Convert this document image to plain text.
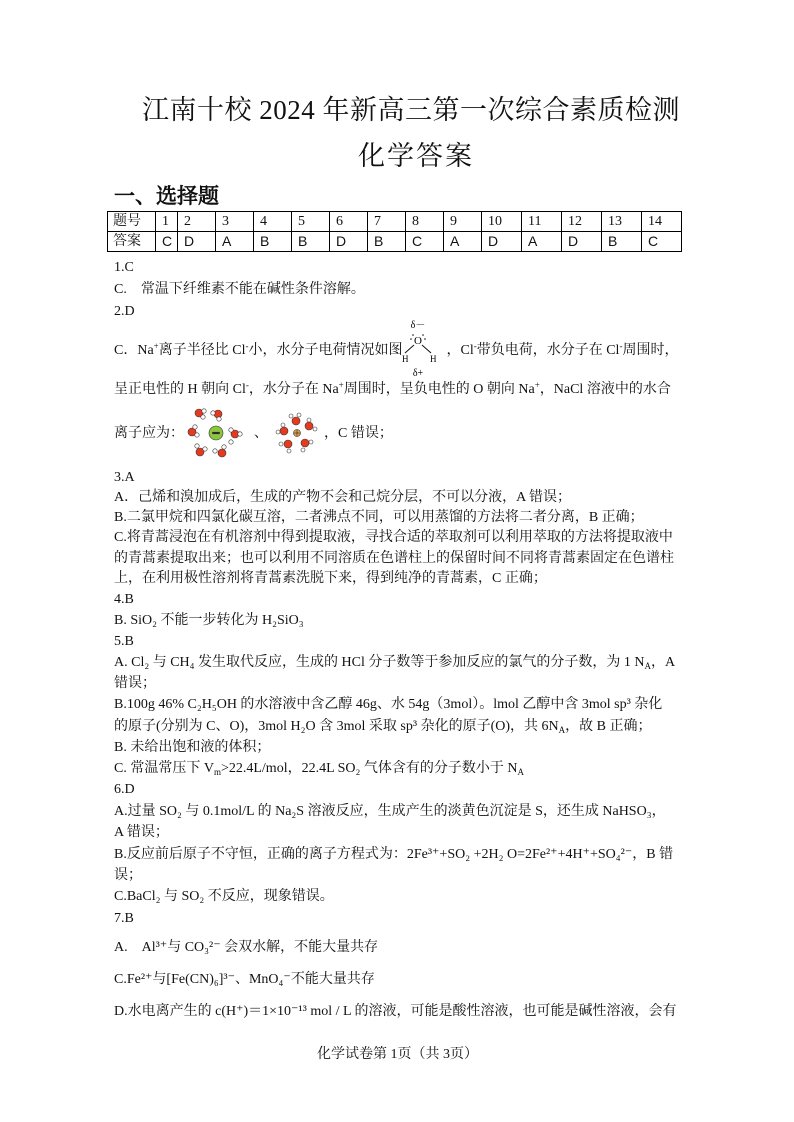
江南十校 2024 年新高三第一次综合素质检测
化学答案
一、选择题
题号	1	2	3	4	5	6	7	8	9	10	11	12	13	14
答案	C	D	A	B	B	D	B	C	A	D	A	D	B	C
1.C
C.　常温下纤维素不能在碱性条件溶解。
2.D
C．Na+离子半径比 Cl-小，水分子电荷情况如图	，Cl-带负电荷，水分子在 Cl-周围时，
δ－
O
H H
δ+
呈正电性的 H 朝向 Cl-，水分子在 Na+周围时，呈负电性的 O 朝向 Na+，NaCl 溶液中的水合
离子应为：	、	，C 错误；
3.A
A．己烯和溴加成后，生成的产物不会和己烷分层，不可以分液，A 错误；
B.二氯甲烷和四氯化碳互溶，二者沸点不同，可以用蒸馏的方法将二者分离，B 正确；
C.将青蒿浸泡在有机溶剂中得到提取液，寻找合适的萃取剂可以利用萃取的方法将提取液中
的青蒿素提取出来；也可以利用不同溶质在色谱柱上的保留时间不同将青蒿素固定在色谱柱
上，在利用极性溶剂将青蒿素洗脱下来，得到纯净的青蒿素，C 正确；
4.B
B. SiO₂ 不能一步转化为 H₂SiO₃
5.B
A. Cl₂ 与 CH₄ 发生取代反应，生成的 HCl 分子数等于参加反应的氯气的分子数，为 1 $N_A$，A
错误；
B.100g 46% C₂H₅OH 的水溶液中含乙醇 46g、水 54g（3mol）。lmol 乙醇中含 3mol sp³ 杂化
的原子(分别为 C、O)，3mol H₂O 含 3mol 采取 sp³ 杂化的原子(O)，共 $6N_A$，故 B 正确；
B. 未给出饱和液的体积；
C. 常温常压下 $V_m>22.4L$/mol，22.4L SO₂ 气体含有的分子数小于 $N_A$
6.D
A.过量 SO₂ 与 0.1mol/L 的 Na₂S 溶液反应，生成产生的淡黄色沉淀是 S，还生成 NaHSO₃，
A 错误；
B.反应前后原子不守恒，正确的离子方程式为：2Fe³⁺+SO₂ +2H₂ O=2Fe²⁺+4H⁺+SO₄²⁻，B 错
误；
C.BaCl₂ 与 SO₂ 不反应，现象错误。
7.B
A.　Al³⁺与 CO₃²⁻ 会双水解，不能大量共存
C.Fe²⁺与[Fe(CN)₆]³⁻、MnO₄⁻不能大量共存
D.水电离产生的 c(H⁺)＝1×10⁻¹³ mol / L 的溶液，可能是酸性溶液，也可能是碱性溶液，会有
化学试卷第 1页（共 3页）
